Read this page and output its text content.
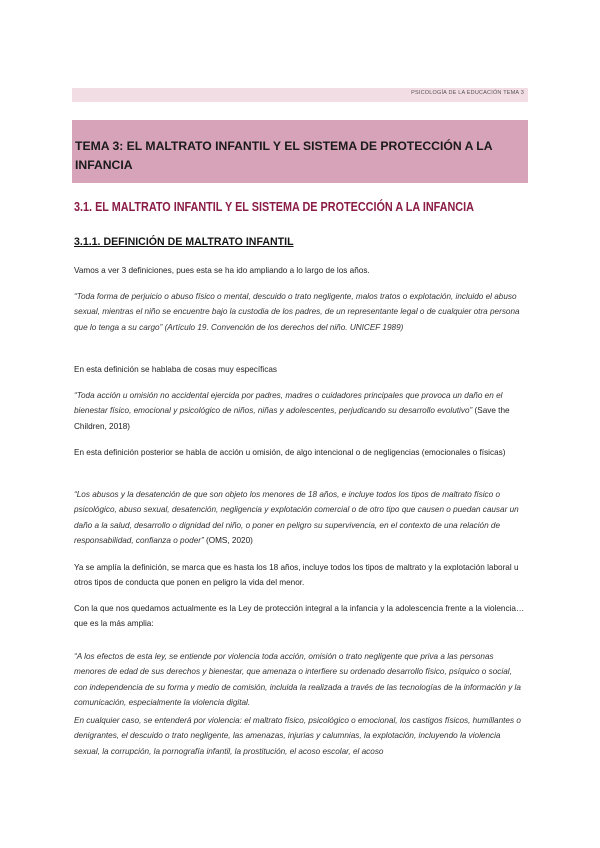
PSICOLOGÍA DE LA EDUCACIÓN TEMA 3
TEMA 3: EL MALTRATO INFANTIL Y EL SISTEMA DE PROTECCIÓN A LA INFANCIA
3.1. EL MALTRATO INFANTIL Y EL SISTEMA DE PROTECCIÓN A LA INFANCIA
3.1.1. DEFINICIÓN DE MALTRATO INFANTIL
Vamos a ver 3 definiciones, pues esta se ha ido ampliando a lo largo de los años.
“Toda forma de perjuicio o abuso físico o mental, descuido o trato negligente, malos tratos o explotación, incluido el abuso sexual, mientras el niño se encuentre bajo la custodia de los padres, de un representante legal o de cualquier otra persona que lo tenga a su cargo” (Artículo 19. Convención de los derechos del niño. UNICEF 1989)
En esta definición se hablaba de cosas muy específicas
“Toda acción u omisión no accidental ejercida por padres, madres o cuidadores principales que provoca un daño en el bienestar físico, emocional y psicológico de niños, niñas y adolescentes, perjudicando su desarrollo evolutivo” (Save the Children, 2018)
En esta definición posterior se habla de acción u omisión, de algo intencional o de negligencias (emocionales o físicas)
“Los abusos y la desatención de que son objeto los menores de 18 años, e incluye todos los tipos de maltrato físico o psicológico, abuso sexual, desatención, negligencia y explotación comercial o de otro tipo que causen o puedan causar un daño a la salud, desarrollo o dignidad del niño, o poner en peligro su supervivencia, en el contexto de una relación de responsabilidad, confianza o poder” (OMS, 2020)
Ya se amplía la definición, se marca que es hasta los 18 años, incluye todos los tipos de maltrato y la explotación laboral u otros tipos de conducta que ponen en peligro la vida del menor.
Con la que nos quedamos actualmente es la Ley de protección integral a la infancia y la adolescencia frente a la violencia… que es la más amplia:
“A los efectos de esta ley, se entiende por violencia toda acción, omisión o trato negligente que priva a las personas menores de edad de sus derechos y bienestar, que amenaza o interfiere su ordenado desarrollo físico, psíquico o social, con independencia de su forma y medio de comisión, incluida la realizada a través de las tecnologías de la información y la comunicación, especialmente la violencia digital.
En cualquier caso, se entenderá por violencia: el maltrato físico, psicológico o emocional, los castigos físicos, humillantes o denigrantes, el descuido o trato negligente, las amenazas, injurias y calumnias, la explotación, incluyendo la violencia sexual, la corrupción, la pornografía infantil, la prostitución, el acoso escolar, el acoso
